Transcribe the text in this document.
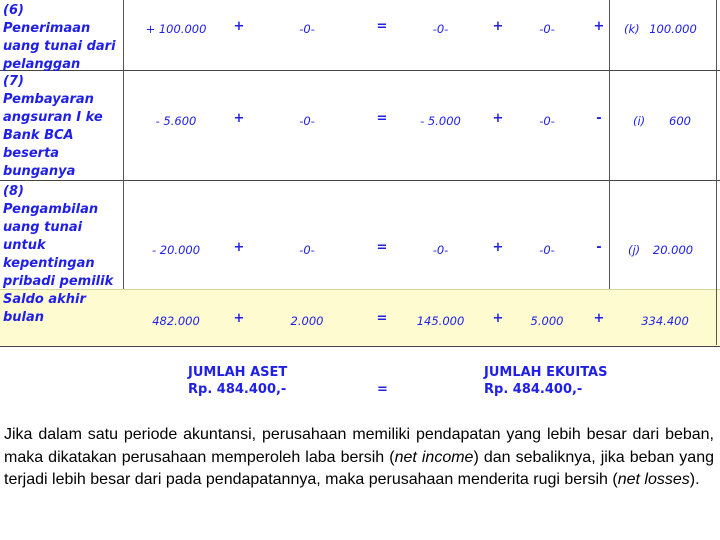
(6)
Penerimaan
uang tunai dari
pelanggan
+ 100.000	+	-0-	=	-0-	+	-0-	+	(k) 100.000
(7)
Pembayaran
angsuran I ke
Bank BCA
beserta
bunganya
- 5.600	+	-0-	=	- 5.000	+	-0-	-	(i)	600
(8)
Pengambilan
uang tunai
untuk
kepentingan
pribadi pemilik
- 20.000	+	-0-	=	-0-	+	-0-	-	(j)	20.000
Saldo akhir
bulan	482.000	+	2.000	=	145.000	+	5.000	+	334.400
JUMLAH ASET
Rp. 484.400,-	=
JUMLAH EKUITAS
Rp. 484.400,-
Jika dalam satu periode akuntansi, perusahaan memiliki pendapatan yang lebih besar dari beban, maka dikatakan perusahaan memperoleh laba bersih (net income) dan sebaliknya, jika beban yang terjadi lebih besar dari pada pendapatannya, maka perusahaan menderita rugi bersih (net losses).
